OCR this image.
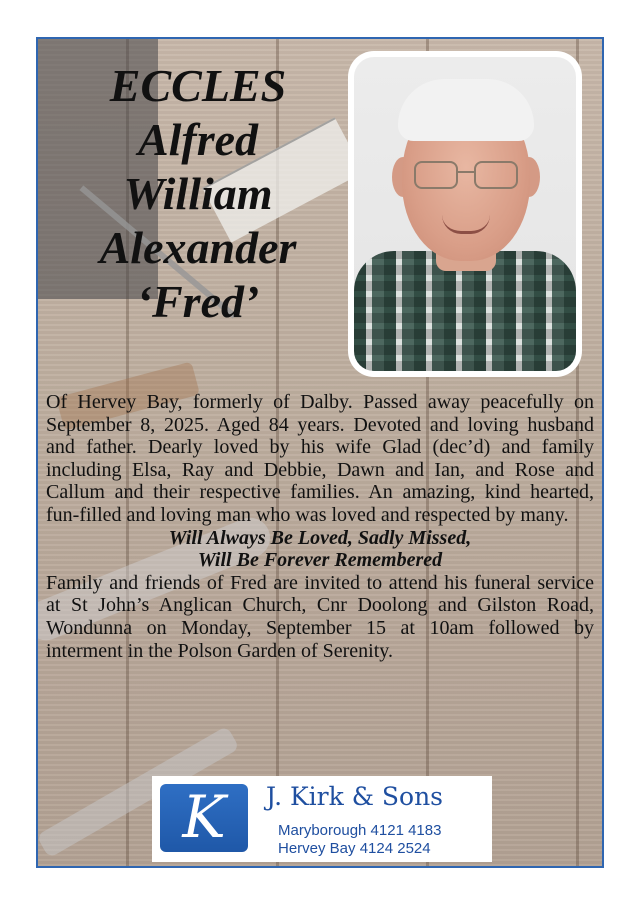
ECCLES
Alfred
William
Alexander
‘Fred’

Of Hervey Bay, formerly of Dalby. Passed away peacefully on September 8, 2025. Aged 84 years. Devoted and loving husband and father. Dearly loved by his wife Glad (dec’d) and family including Elsa, Ray and Debbie, Dawn and Ian, and Rose and Callum and their respective families. An amazing, kind hearted, fun-filled and loving man who was loved and respected by many.

Will Always Be Loved, Sadly Missed,
Will Be Forever Remembered

Family and friends of Fred are invited to attend his funeral service at St John’s Anglican Church, Cnr Doolong and Gilston Road, Wondunna on Monday, September 15 at 10am followed by interment in the Polson Garden of Serenity.

K	J. Kirk & Sons
Maryborough 4121 4183
Hervey Bay 4124 2524
